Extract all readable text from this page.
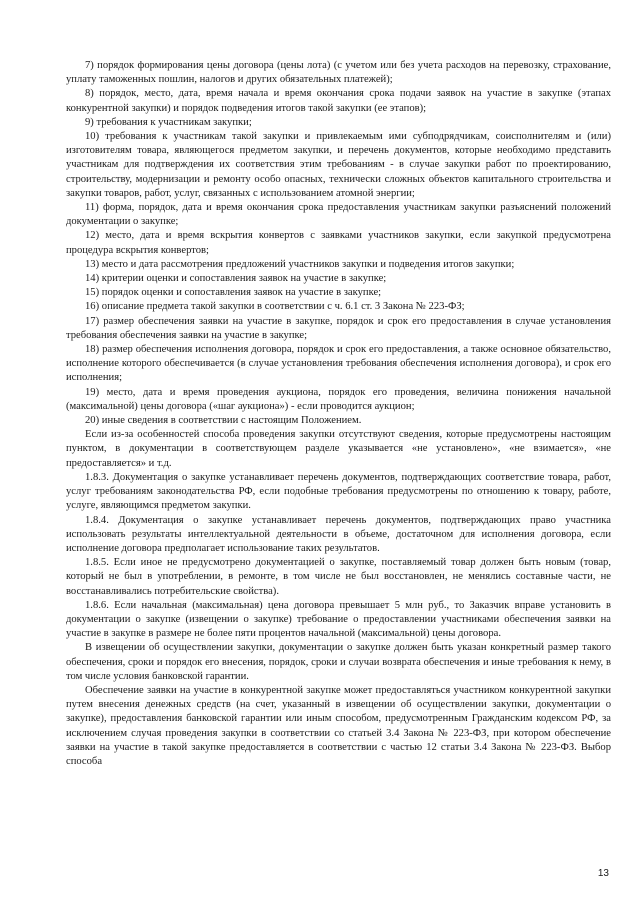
7) порядок формирования цены договора (цены лота) (с учетом или без учета расходов на перевозку, страхование, уплату таможенных пошлин, налогов и других обязательных платежей);

8) порядок, место, дата, время начала и время окончания срока подачи заявок на участие в закупке (этапах конкурентной закупки) и порядок подведения итогов такой закупки (ее этапов);

9) требования к участникам закупки;

10) требования к участникам такой закупки и привлекаемым ими субподрядчикам, соисполнителям и (или) изготовителям товара, являющегося предметом закупки, и перечень документов, которые необходимо представить участникам для подтверждения их соответствия этим требованиям - в случае закупки работ по проектированию, строительству, модернизации и ремонту особо опасных, технически сложных объектов капитального строительства и закупки товаров, работ, услуг, связанных с использованием атомной энергии;

11) форма, порядок, дата и время окончания срока предоставления участникам закупки разъяснений положений документации о закупке;

12) место, дата и время вскрытия конвертов с заявками участников закупки, если закупкой предусмотрена процедура вскрытия конвертов;

13) место и дата рассмотрения предложений участников закупки и подведения итогов закупки;

14) критерии оценки и сопоставления заявок на участие в закупке;

15) порядок оценки и сопоставления заявок на участие в закупке;

16) описание предмета такой закупки в соответствии с ч. 6.1 ст. 3 Закона № 223-ФЗ;

17) размер обеспечения заявки на участие в закупке, порядок и срок его предоставления в случае установления требования обеспечения заявки на участие в закупке;

18) размер обеспечения исполнения договора, порядок и срок его предоставления, а также основное обязательство, исполнение которого обеспечивается (в случае установления требования обеспечения исполнения договора), и срок его исполнения;

19) место, дата и время проведения аукциона, порядок его проведения, величина понижения начальной (максимальной) цены договора («шаг аукциона») - если проводится аукцион;

20) иные сведения в соответствии с настоящим Положением.

Если из-за особенностей способа проведения закупки отсутствуют сведения, которые предусмотрены настоящим пунктом, в документации в соответствующем разделе указывается «не установлено», «не взимается», «не предоставляется» и т.д.

1.8.3. Документация о закупке устанавливает перечень документов, подтверждающих соответствие товара, работ, услуг требованиям законодательства РФ, если подобные требования предусмотрены по отношению к товару, работе, услуге, являющимся предметом закупки.

1.8.4. Документация о закупке устанавливает перечень документов, подтверждающих право участника использовать результаты интеллектуальной деятельности в объеме, достаточном для исполнения договора, если исполнение договора предполагает использование таких результатов.

1.8.5. Если иное не предусмотрено документацией о закупке, поставляемый товар должен быть новым (товар, который не был в употреблении, в ремонте, в том числе не был восстановлен, не менялись составные части, не восстанавливались потребительские свойства).

1.8.6. Если начальная (максимальная) цена договора превышает 5 млн руб., то Заказчик вправе установить в документации о закупке (извещении о закупке) требование о предоставлении участниками обеспечения заявки на участие в закупке в размере не более пяти процентов начальной (максимальной) цены договора.

В извещении об осуществлении закупки, документации о закупке должен быть указан конкретный размер такого обеспечения, сроки и порядок его внесения, порядок, сроки и случаи возврата обеспечения и иные требования к нему, в том числе условия банковской гарантии.

Обеспечение заявки на участие в конкурентной закупке может предоставляться участником конкурентной закупки путем внесения денежных средств (на счет, указанный в извещении об осуществлении закупки, документации о закупке), предоставления банковской гарантии или иным способом, предусмотренным Гражданским кодексом РФ, за исключением случая проведения закупки в соответствии со статьей 3.4 Закона № 223-ФЗ, при котором обеспечение заявки на участие в такой закупке предоставляется в соответствии с частью 12 статьи 3.4 Закона № 223-ФЗ. Выбор способа

13
